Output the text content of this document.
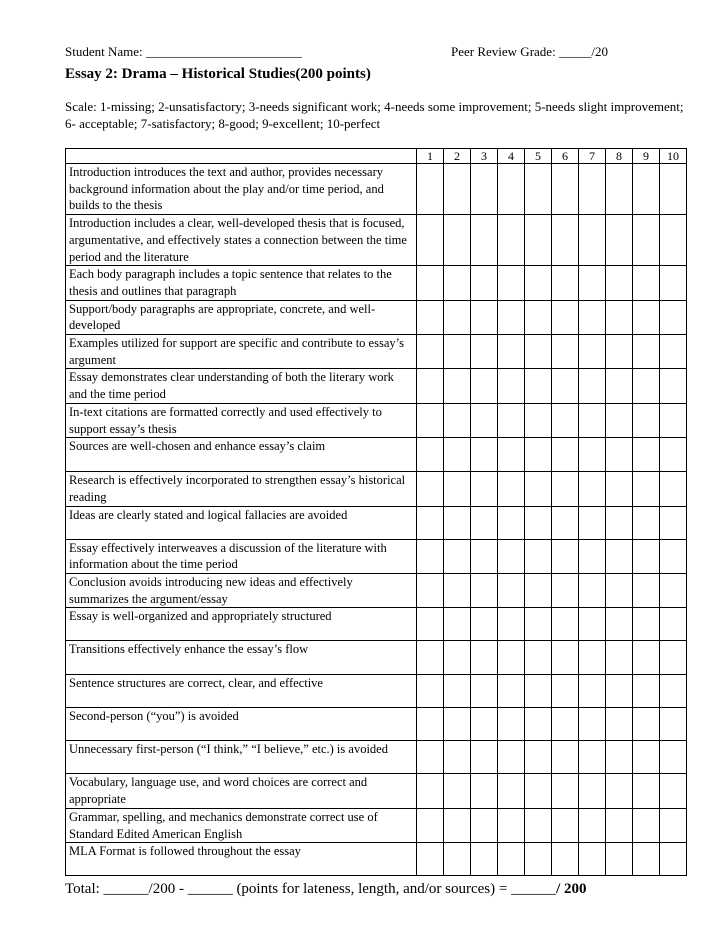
Student Name: ________________________	Peer Review Grade: _____/20
Essay 2: Drama – Historical Studies(200 points)
Scale: 1-missing; 2-unsatisfactory; 3-needs significant work; 4-needs some improvement; 5-needs slight improvement; 6- acceptable; 7-satisfactory; 8-good; 9-excellent; 10-perfect
	1	2	3	4	5	6	7	8	9	10
Introduction introduces the text and author, provides necessary background information about the play and/or time period, and builds to the thesis										
Introduction includes a clear, well-developed thesis that is focused, argumentative, and effectively states a connection between the time period and the literature										
Each body paragraph includes a topic sentence that relates to the thesis and outlines that paragraph										
Support/body paragraphs are appropriate, concrete, and well-developed										
Examples utilized for support are specific and contribute to essay’s argument										
Essay demonstrates clear understanding of both the literary work and the time period										
In-text citations are formatted correctly and used effectively to support essay’s thesis										
Sources are well-chosen and enhance essay’s claim										
Research is effectively incorporated to strengthen essay’s historical reading										
Ideas are clearly stated and logical fallacies are avoided										
Essay effectively interweaves a discussion of the literature with information about the time period										
Conclusion avoids introducing new ideas and effectively summarizes the argument/essay										
Essay is well-organized and appropriately structured										
Transitions effectively enhance the essay’s flow										
Sentence structures are correct, clear, and effective										
Second-person (“you”) is avoided										
Unnecessary first-person (“I think,” “I believe,” etc.) is avoided										
Vocabulary, language use, and word choices are correct and appropriate										
Grammar, spelling, and mechanics demonstrate correct use of Standard Edited American English										
MLA Format is followed throughout the essay										
Total: ______/200 - ______ (points for lateness, length, and/or sources) = ______/ 200
